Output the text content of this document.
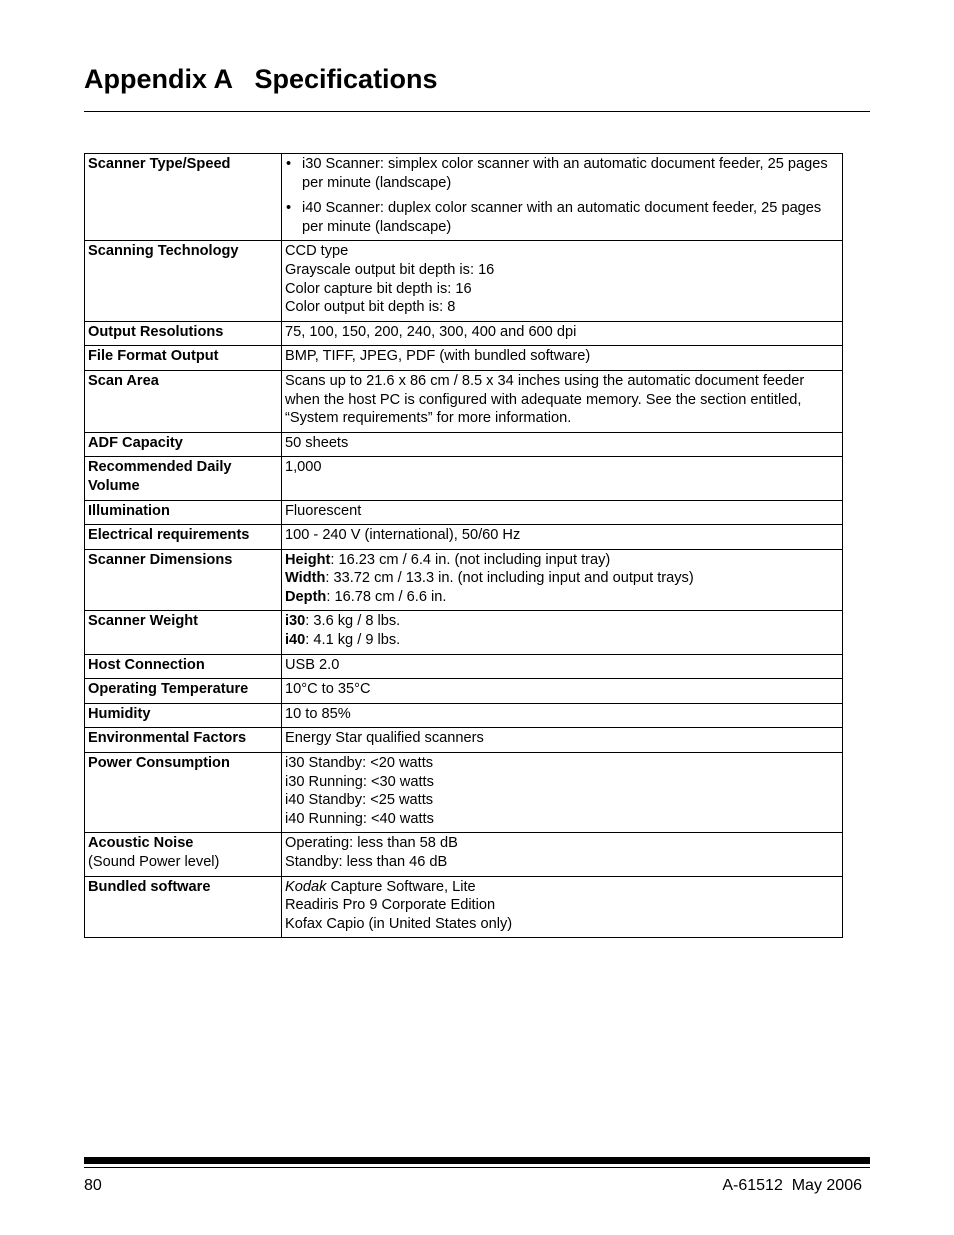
Appendix A   Specifications
Scanner Type/Speed	• i30 Scanner: simplex color scanner with an automatic document feeder, 25 pages per minute (landscape)
• i40 Scanner: duplex color scanner with an automatic document feeder, 25 pages per minute (landscape)

Scanning Technology	CCD type
Grayscale output bit depth is: 16
Color capture bit depth is: 16
Color output bit depth is: 8

Output Resolutions	75, 100, 150, 200, 240, 300, 400 and 600 dpi

File Format Output	BMP, TIFF, JPEG, PDF (with bundled software)

Scan Area	Scans up to 21.6 x 86 cm / 8.5 x 34 inches using the automatic document feeder when the host PC is configured with adequate memory. See the section entitled, “System requirements” for more information.

ADF Capacity	50 sheets

Recommended Daily Volume	1,000

Illumination	Fluorescent

Electrical requirements	100 - 240 V (international), 50/60 Hz

Scanner Dimensions	Height: 16.23 cm / 6.4 in. (not including input tray)
Width: 33.72 cm / 13.3 in. (not including input and output trays)
Depth: 16.78 cm / 6.6 in.

Scanner Weight	i30: 3.6 kg / 8 lbs.
i40: 4.1 kg / 9 lbs.

Host Connection	USB 2.0

Operating Temperature	10°C to 35°C

Humidity	10 to 85%

Environmental Factors	Energy Star qualified scanners

Power Consumption	i30 Standby: <20 watts
i30 Running: <30 watts
i40 Standby: <25 watts
i40 Running: <40 watts

Acoustic Noise
(Sound Power level)	Operating: less than 58 dB
Standby: less than 46 dB

Bundled software	Kodak Capture Software, Lite
Readiris Pro 9 Corporate Edition
Kofax Capio (in United States only)
80	A-61512  May 2006
